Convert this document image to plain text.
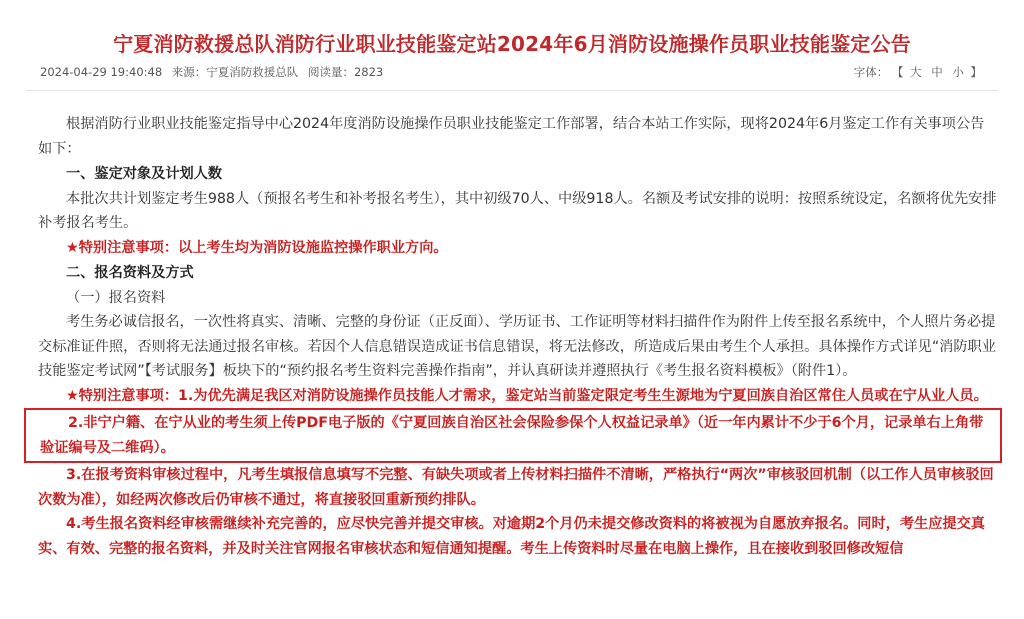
宁夏消防救援总队消防行业职业技能鉴定站2024年6月消防设施操作员职业技能鉴定公告
2024-04-29 19:40:48 来源：宁夏消防救援总队 阅读量：2823	字体： 【 大 中 小 】

根据消防行业职业技能鉴定指导中心2024年度消防设施操作员职业技能鉴定工作部署，结合本站工作实际，现将2024年6月鉴定工作有关事项公告如下：

一、鉴定对象及计划人数

本批次共计划鉴定考生988人（预报名考生和补考报名考生），其中初级70人、中级918人。名额及考试安排的说明：按照系统设定，名额将优先安排补考报名考生。

★特别注意事项：以上考生均为消防设施监控操作职业方向。

二、报名资料及方式

（一）报名资料

考生务必诚信报名，一次性将真实、清晰、完整的身份证（正反面）、学历证书、工作证明等材料扫描件作为附件上传至报名系统中，个人照片务必提交标准证件照，否则将无法通过报名审核。若因个人信息错误造成证书信息错误，将无法修改，所造成后果由考生个人承担。具体操作方式详见“消防职业技能鉴定考试网”【考试服务】板块下的“预约报名考生资料完善操作指南”，并认真研读并遵照执行《考生报名资料模板》（附件1）。

★特别注意事项：1.为优先满足我区对消防设施操作员技能人才需求，鉴定站当前鉴定限定考生生源地为宁夏回族自治区常住人员或在宁从业人员。

2.非宁户籍、在宁从业的考生须上传PDF电子版的《宁夏回族自治区社会保险参保个人权益记录单》（近一年内累计不少于6个月，记录单右上角带验证编号及二维码）。

3.在报考资料审核过程中，凡考生填报信息填写不完整、有缺失项或者上传材料扫描件不清晰，严格执行“两次”审核驳回机制（以工作人员审核驳回次数为准），如经两次修改后仍审核不通过，将直接驳回重新预约排队。

4.考生报名资料经审核需继续补充完善的，应尽快完善并提交审核。对逾期2个月仍未提交修改资料的将被视为自愿放弃报名。同时，考生应提交真实、有效、完整的报名资料，并及时关注官网报名审核状态和短信通知提醒。考生上传资料时尽量在电脑上操作，且在接收到驳回修改短信
